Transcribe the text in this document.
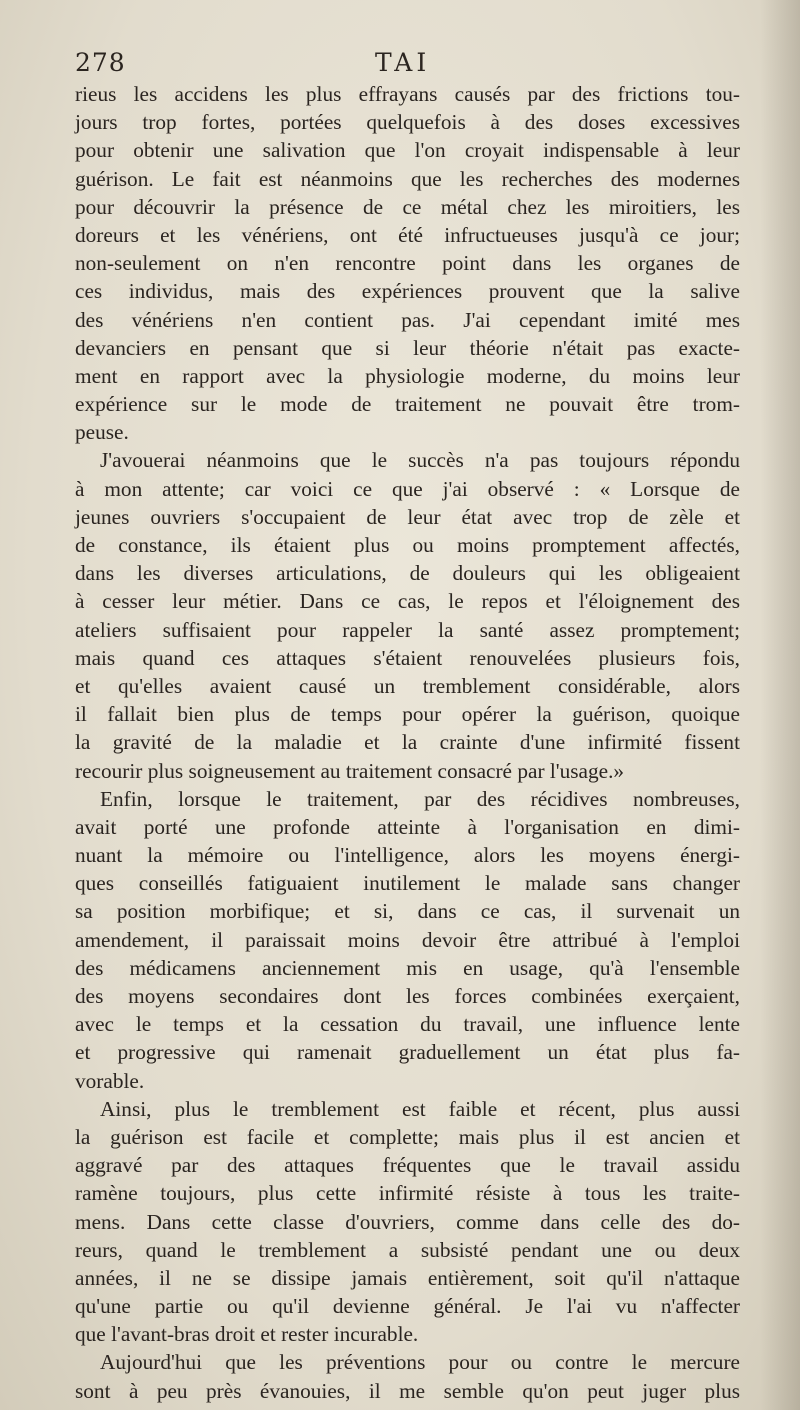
278	TAI
rieus les accidens les plus effrayans causés par des frictions tou-
jours trop fortes, portées quelquefois à des doses excessives
pour obtenir une salivation que l'on croyait indispensable à leur
guérison. Le fait est néanmoins que les recherches des modernes
pour découvrir la présence de ce métal chez les miroitiers, les
doreurs et les vénériens, ont été infructueuses jusqu'à ce jour;
non-seulement on n'en rencontre point dans les organes de
ces individus, mais des expériences prouvent que la salive
des vénériens n'en contient pas. J'ai cependant imité mes
devanciers en pensant que si leur théorie n'était pas exacte-
ment en rapport avec la physiologie moderne, du moins leur
expérience sur le mode de traitement ne pouvait être trom-
peuse.
J'avouerai néanmoins que le succès n'a pas toujours répondu
à mon attente; car voici ce que j'ai observé : « Lorsque de
jeunes ouvriers s'occupaient de leur état avec trop de zèle et
de constance, ils étaient plus ou moins promptement affectés,
dans les diverses articulations, de douleurs qui les obligeaient
à cesser leur métier. Dans ce cas, le repos et l'éloignement des
ateliers suffisaient pour rappeler la santé assez promptement;
mais quand ces attaques s'étaient renouvelées plusieurs fois,
et qu'elles avaient causé un tremblement considérable, alors
il fallait bien plus de temps pour opérer la guérison, quoique
la gravité de la maladie et la crainte d'une infirmité fissent
recourir plus soigneusement au traitement consacré par l'usage.»
Enfin, lorsque le traitement, par des récidives nombreuses,
avait porté une profonde atteinte à l'organisation en dimi-
nuant la mémoire ou l'intelligence, alors les moyens énergi-
ques conseillés fatiguaient inutilement le malade sans changer
sa position morbifique; et si, dans ce cas, il survenait un
amendement, il paraissait moins devoir être attribué à l'emploi
des médicamens anciennement mis en usage, qu'à l'ensemble
des moyens secondaires dont les forces combinées exerçaient,
avec le temps et la cessation du travail, une influence lente
et progressive qui ramenait graduellement un état plus fa-
vorable.
Ainsi, plus le tremblement est faible et récent, plus aussi
la guérison est facile et complette; mais plus il est ancien et
aggravé par des attaques fréquentes que le travail assidu
ramène toujours, plus cette infirmité résiste à tous les traite-
mens. Dans cette classe d'ouvriers, comme dans celle des do-
reurs, quand le tremblement a subsisté pendant une ou deux
années, il ne se dissipe jamais entièrement, soit qu'il n'attaque
qu'une partie ou qu'il devienne général. Je l'ai vu n'affecter
que l'avant-bras droit et rester incurable.
Aujourd'hui que les préventions pour ou contre le mercure
sont à peu près évanouies, il me semble qu'on peut juger plus
